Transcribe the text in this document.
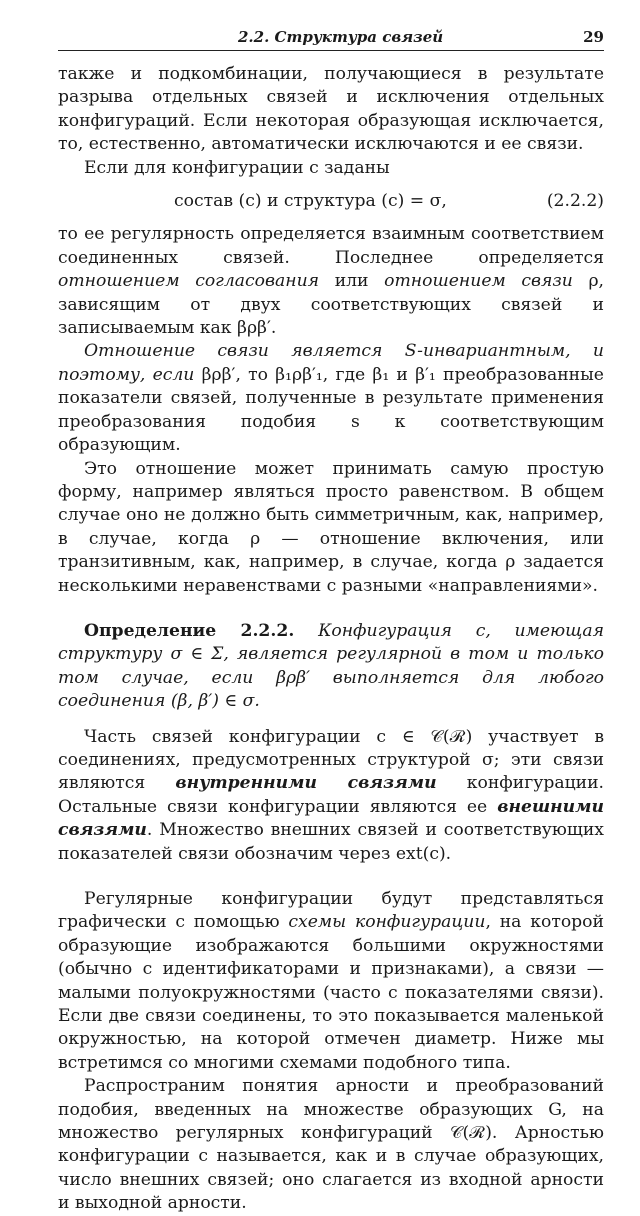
2.2. Структура связей	29

также и подкомбинации, получающиеся в результате разрыва отдельных связей и исключения отдельных конфигураций. Если некоторая образующая исключается, то, естественно, автоматически исключаются и ее связи.

Если для конфигурации c заданы

состав (c) и структура (c) = σ,	(2.2.2)

то ее регулярность определяется взаимным соответствием соединенных связей. Последнее определяется отношением согласования или отношением связи ρ, зависящим от двух соответствующих связей и записываемым как βρβ′.

Отношение связи является S-инвариантным, и поэтому, если βρβ′, то β₁ρβ′₁, где β₁ и β′₁ преобразованные показатели связей, полученные в результате применения преобразования подобия s к соответствующим образующим.

Это отношение может принимать самую простую форму, например являться просто равенством. В общем случае оно не должно быть симметричным, как, например, в случае, когда ρ — отношение включения, или транзитивным, как, например, в случае, когда ρ задается несколькими неравенствами с разными «направлениями».

Определение 2.2.2. Конфигурация c, имеющая структуру σ ∈ Σ, является регулярной в том и только том случае, если βρβ′ выполняется для любого соединения (β, β′) ∈ σ.

Часть связей конфигурации c ∈ 𝒞(ℛ) участвует в соединениях, предусмотренных структурой σ; эти связи являются внутренними связями конфигурации. Остальные связи конфигурации являются ее внешними связями. Множество внешних связей и соответствующих показателей связи обозначим через ext(c).

Регулярные конфигурации будут представляться графически с помощью схемы конфигурации, на которой образующие изображаются большими окружностями (обычно с идентификаторами и признаками), а связи — малыми полуокружностями (часто с показателями связи). Если две связи соединены, то это показывается маленькой окружностью, на которой отмечен диаметр. Ниже мы встретимся со многими схемами подобного типа.

Распространим понятия арности и преобразований подобия, введенных на множестве образующих G, на множество регулярных конфигураций 𝒞(ℛ). Арностью конфигурации c называется, как и в случае образующих, число внешних связей; оно слагается из входной арности и выходной арности.
